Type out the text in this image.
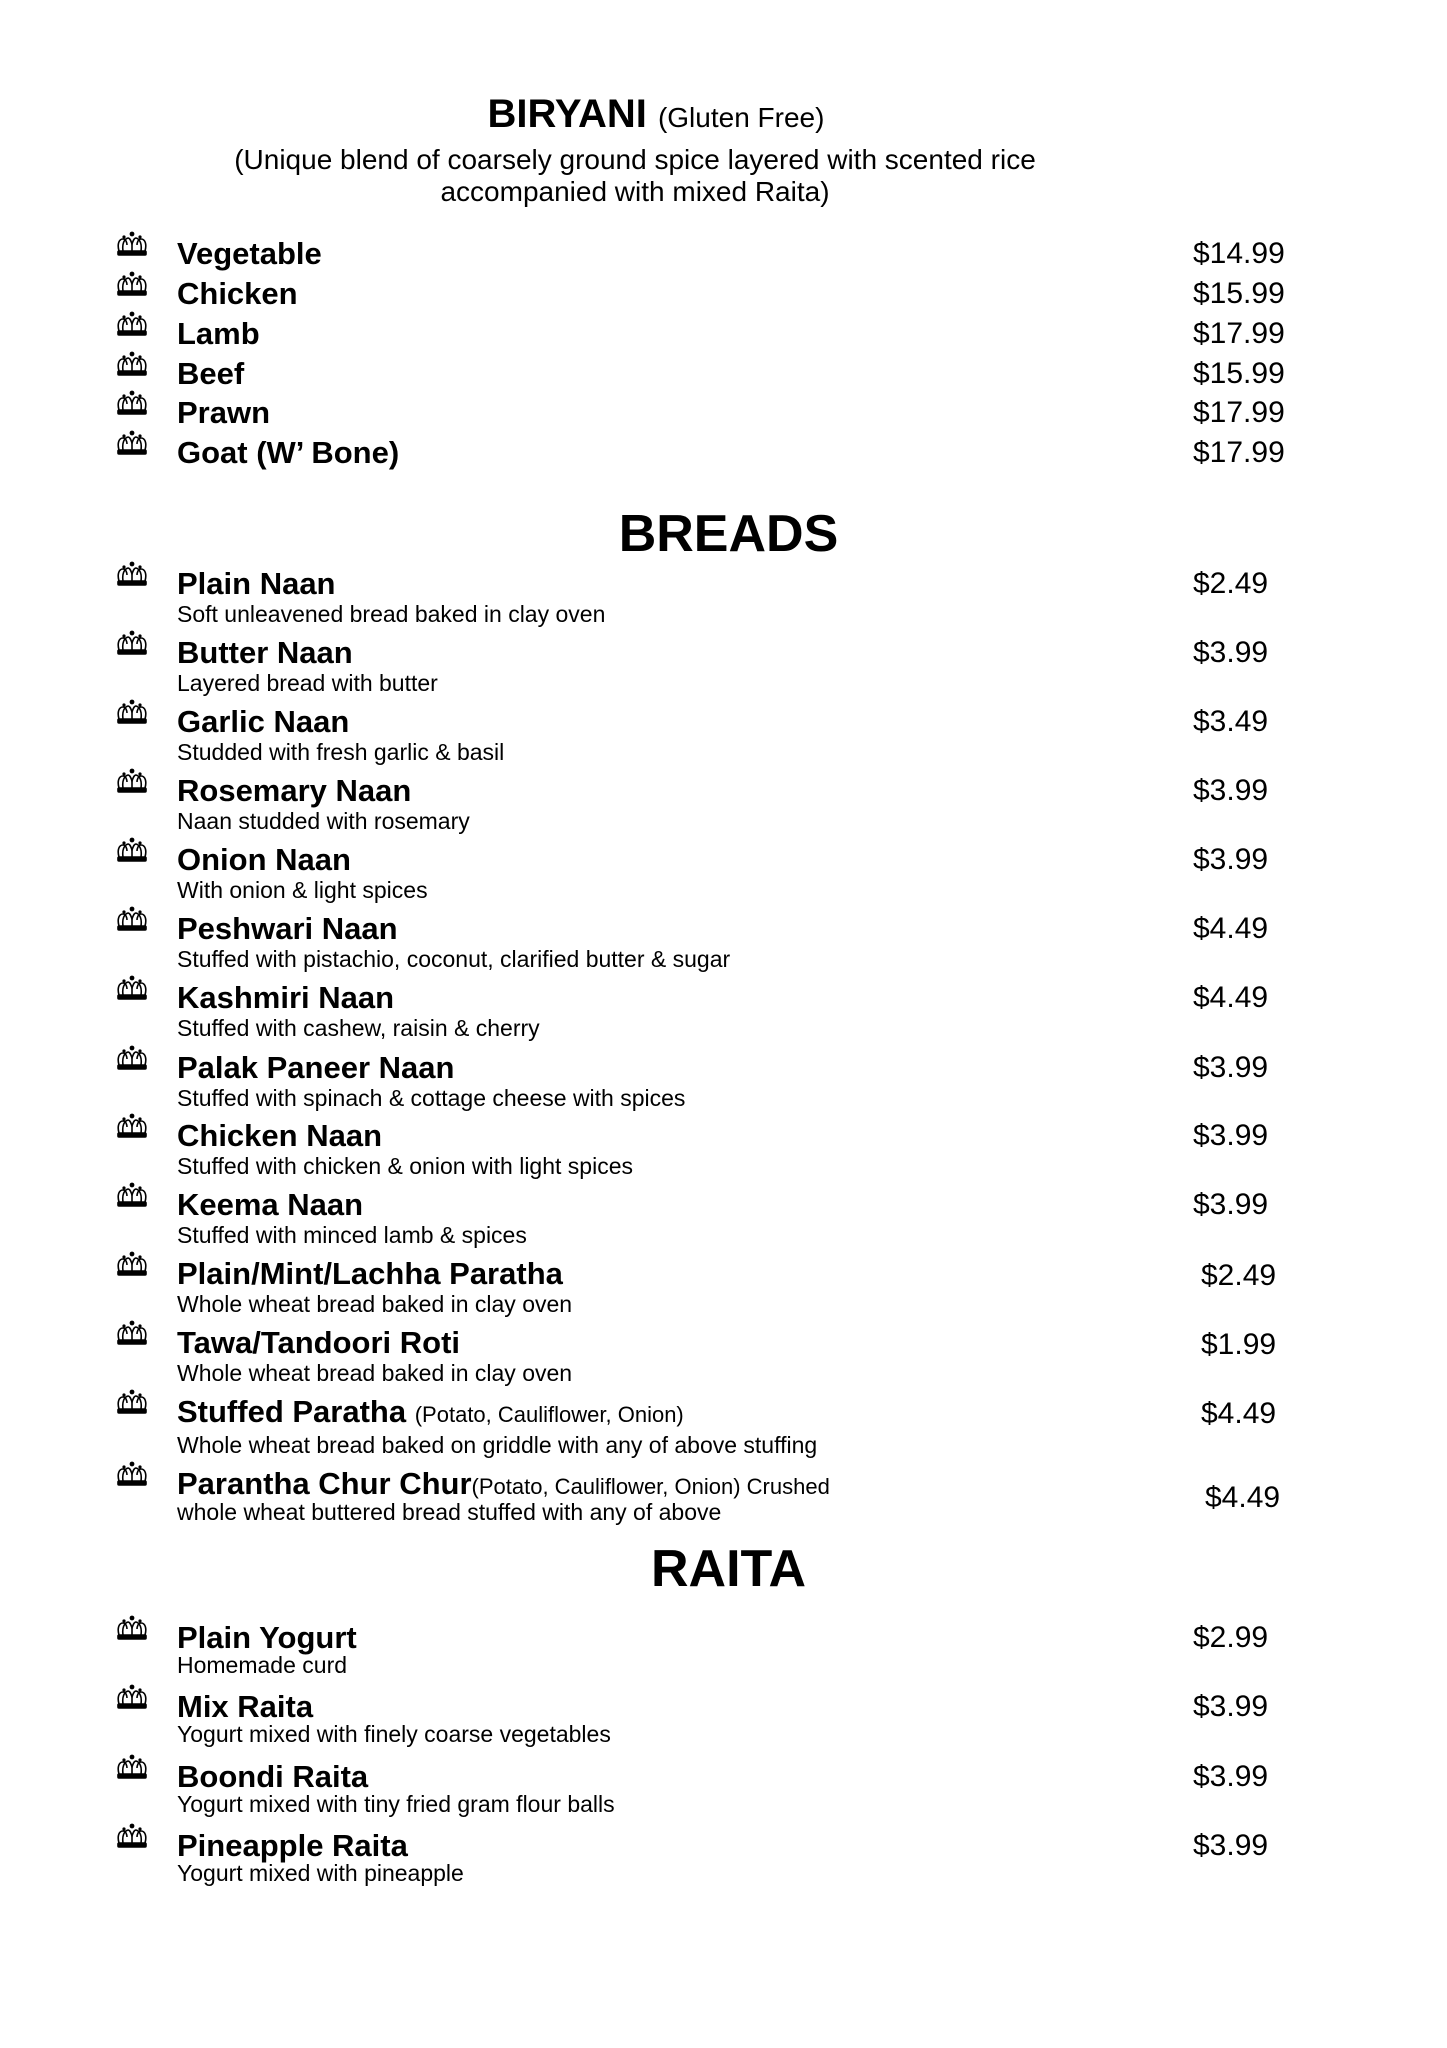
BIRYANI (Gluten Free)
(Unique blend of coarsely ground spice layered with scented rice
accompanied with mixed Raita)
Vegetable	$14.99
Chicken	$15.99
Lamb	$17.99
Beef	$15.99
Prawn	$17.99
Goat (W’ Bone)	$17.99
BREADS
Plain Naan
Soft unleavened bread baked in clay oven
$2.49
Butter Naan
Layered bread with butter
$3.99
Garlic Naan
Studded with fresh garlic & basil
$3.49
Rosemary Naan
Naan studded with rosemary
$3.99
Onion Naan
With onion & light spices
$3.99
Peshwari Naan
Stuffed with pistachio, coconut, clarified butter & sugar
$4.49
Kashmiri Naan
Stuffed with cashew, raisin & cherry
$4.49
Palak Paneer Naan
Stuffed with spinach & cottage cheese with spices
$3.99
Chicken Naan
Stuffed with chicken & onion with light spices
$3.99
Keema Naan
Stuffed with minced lamb & spices
$3.99
Plain/Mint/Lachha Paratha
Whole wheat bread baked in clay oven
$2.49
Tawa/Tandoori Roti
Whole wheat bread baked in clay oven
$1.99
Stuffed Paratha (Potato, Cauliflower, Onion)
Whole wheat bread baked on griddle with any of above stuffing
$4.49
Parantha Chur Chur(Potato, Cauliflower, Onion) Crushed
whole wheat buttered bread stuffed with any of above	$4.49
RAITA
Plain Yogurt
Homemade curd
$2.99
Mix Raita
Yogurt mixed with finely coarse vegetables
$3.99
Boondi Raita
Yogurt mixed with tiny fried gram flour balls
$3.99
Pineapple Raita
Yogurt mixed with pineapple
$3.99
